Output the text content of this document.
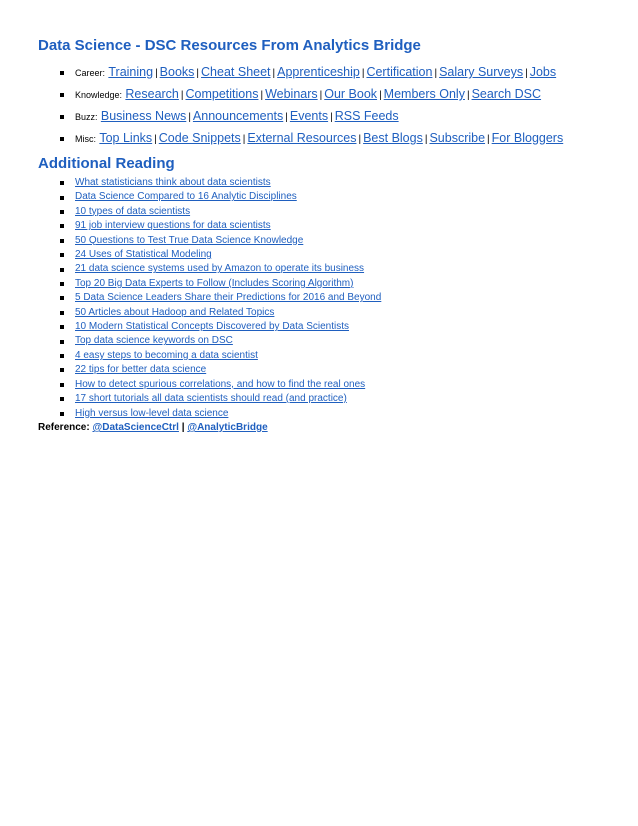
Data Science - DSC Resources From Analytics Bridge
Career: Training | Books | Cheat Sheet | Apprenticeship | Certification | Salary Surveys | Jobs
Knowledge: Research | Competitions | Webinars | Our Book | Members Only | Search DSC
Buzz: Business News | Announcements | Events | RSS Feeds
Misc: Top Links | Code Snippets | External Resources | Best Blogs | Subscribe | For Bloggers
Additional Reading
What statisticians think about data scientists
Data Science Compared to 16 Analytic Disciplines
10 types of data scientists
91 job interview questions for data scientists
50 Questions to Test True Data Science Knowledge
24 Uses of Statistical Modeling
21 data science systems used by Amazon to operate its business
Top 20 Big Data Experts to Follow (Includes Scoring Algorithm)
5 Data Science Leaders Share their Predictions for 2016 and Beyond
50 Articles about Hadoop and Related Topics
10 Modern Statistical Concepts Discovered by Data Scientists
Top data science keywords on DSC
4 easy steps to becoming a data scientist
22 tips for better data science
How to detect spurious correlations, and how to find the real ones
17 short tutorials all data scientists should read (and practice)
High versus low-level data science
Reference: @DataScienceCtrl | @AnalyticBridge
